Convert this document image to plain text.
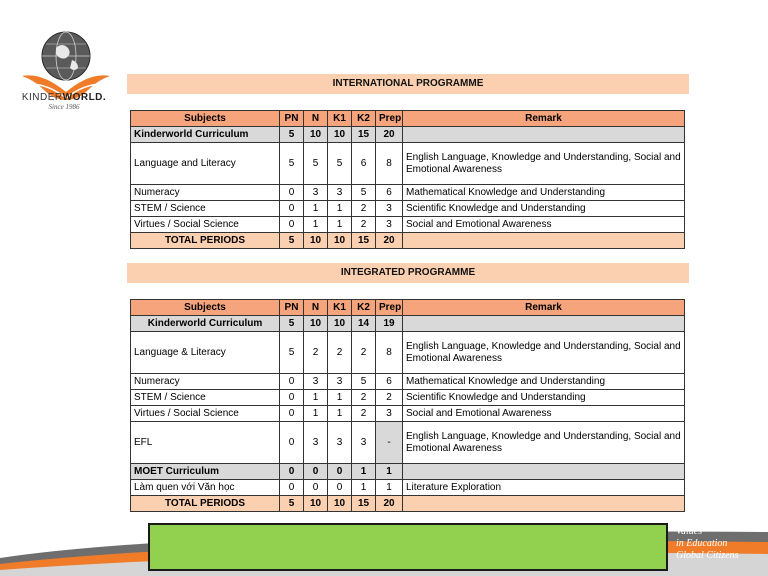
KINDERWORLD.
Since 1986
INTERNATIONAL PROGRAMME
Subjects	PN	N	K1	K2	Prep	Remark
Kinderworld Curriculum	5	10	10	15	20	
Language and Literacy	5	5	5	6	8	English Language, Knowledge and Understanding, Social and Emotional Awareness
Numeracy	0	3	3	5	6	Mathematical Knowledge and Understanding
STEM / Science	0	1	1	2	3	Scientific Knowledge and Understanding
Virtues / Social Science	0	1	1	2	3	Social and Emotional Awareness
TOTAL PERIODS	5	10	10	15	20	
INTEGRATED PROGRAMME
Subjects	PN	N	K1	K2	Prep	Remark
Kinderworld Curriculum	5	10	10	14	19	
Language & Literacy	5	2	2	2	8	English Language, Knowledge and Understanding, Social and Emotional Awareness
Numeracy	0	3	3	5	6	Mathematical Knowledge and Understanding
STEM / Science	0	1	1	2	2	Scientific Knowledge and Understanding
Virtues / Social Science	0	1	1	2	3	Social and Emotional Awareness
EFL	0	3	3	3	-	English Language, Knowledge and Understanding, Social and Emotional Awareness
MOET Curriculum	0	0	0	1	1	
Làm quen với Văn học	0	0	0	1	1	Literature Exploration
TOTAL PERIODS	5	10	10	15	20	
Values
in Education
Global Citizens
